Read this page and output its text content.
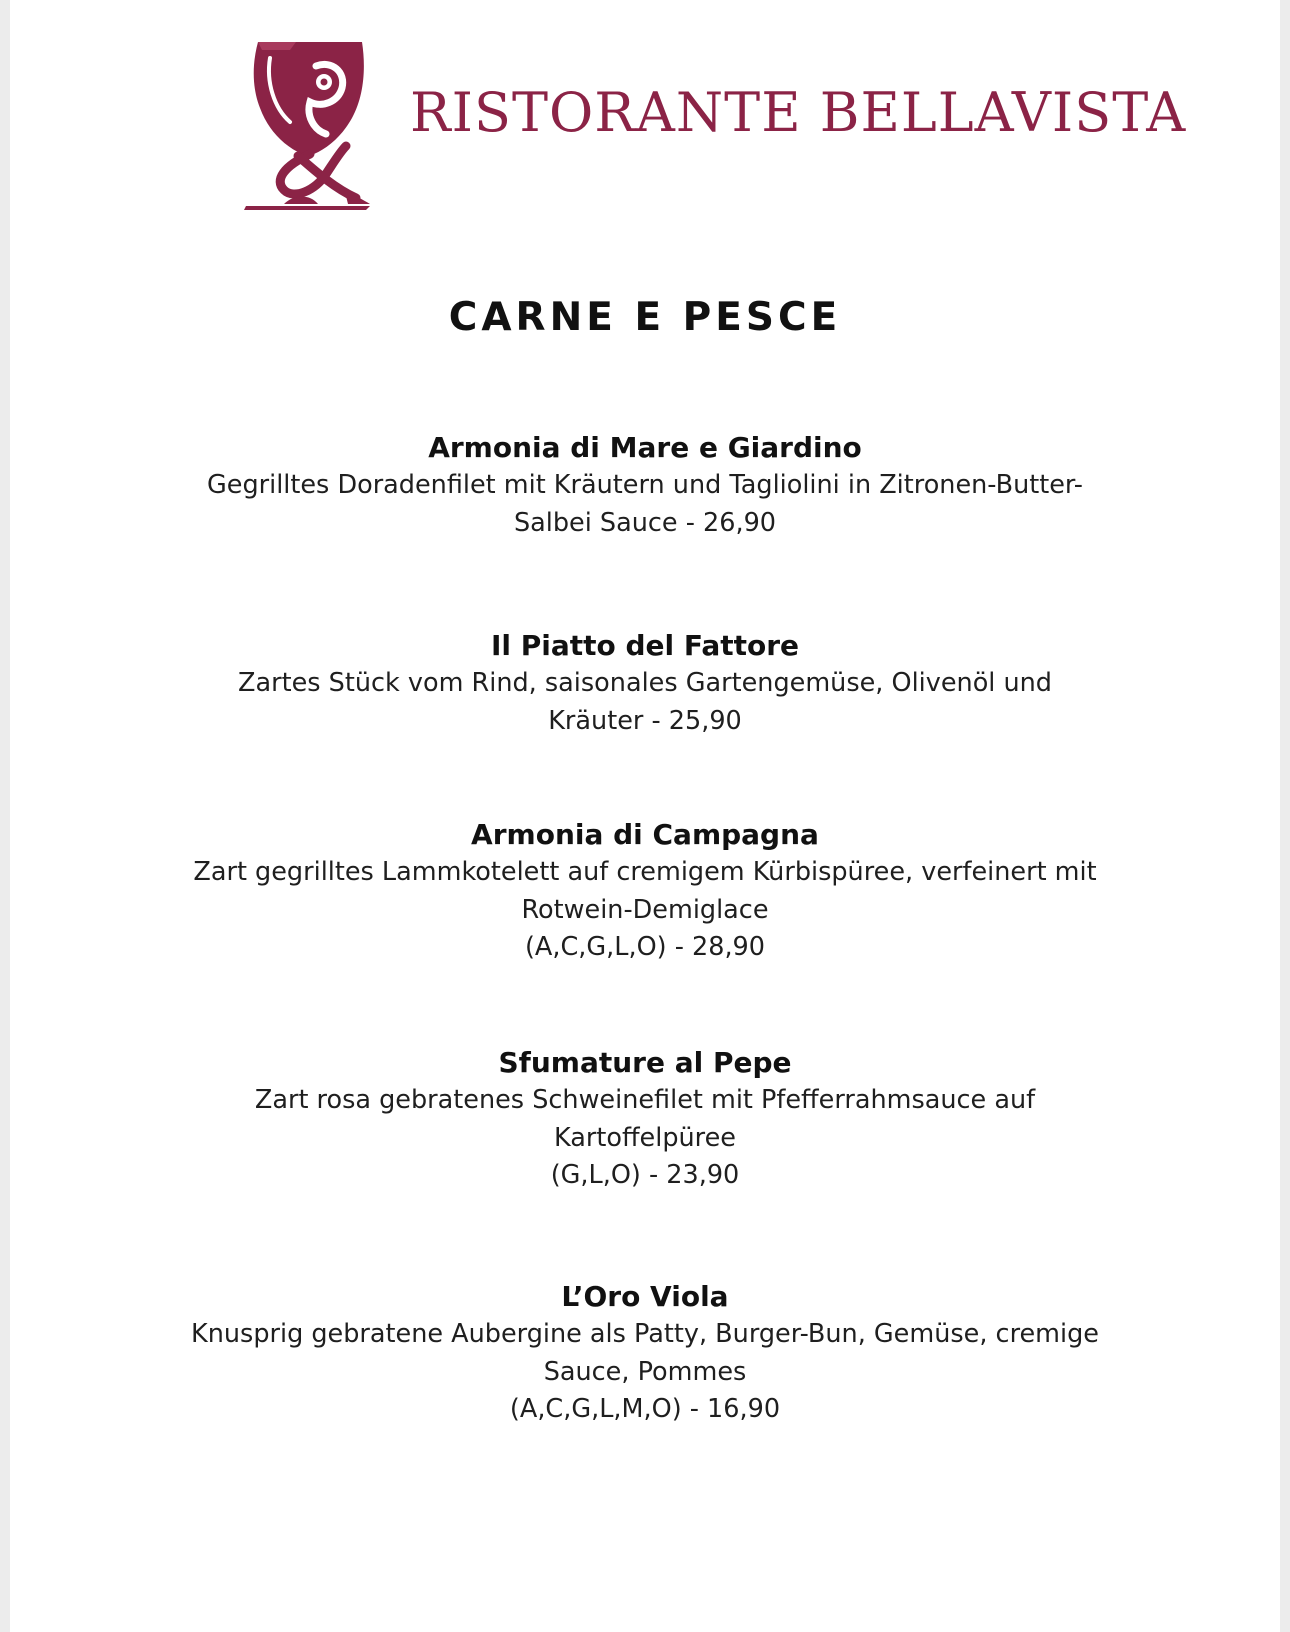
RISTORANTE BELLAVISTA
CARNE E PESCE
Armonia di Mare e Giardino
Gegrilltes Doradenfilet mit Kräutern und Tagliolini in Zitronen-Butter-
Salbei Sauce - 26,90
Il Piatto del Fattore
Zartes Stück vom Rind, saisonales Gartengemüse, Olivenöl und
Kräuter - 25,90
Armonia di Campagna
Zart gegrilltes Lammkotelett auf cremigem Kürbispüree, verfeinert mit
Rotwein-Demiglace
(A,C,G,L,O) - 28,90
Sfumature al Pepe
Zart rosa gebratenes Schweinefilet mit Pfefferrahmsauce auf
Kartoffelpüree
(G,L,O) - 23,90
L’Oro Viola
Knusprig gebratene Aubergine als Patty, Burger-Bun, Gemüse, cremige
Sauce, Pommes
(A,C,G,L,M,O) - 16,90
